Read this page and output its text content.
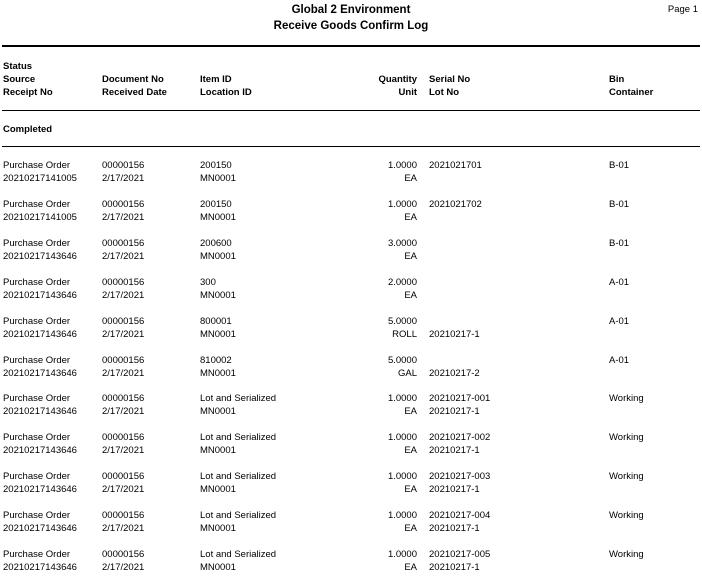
Global 2 Environment
Receive Goods Confirm Log
Page 1
Status
Source
Receipt No
Document No
Received Date
Item ID
Location ID
Quantity
Unit
Serial No
Lot No
Bin
Container
Completed
Purchase Order
20210217141005
00000156
2/17/2021
200150
MN0001
1.0000
EA
2021021701	B-01
Purchase Order
20210217141005
00000156
2/17/2021
200150
MN0001
1.0000
EA
2021021702	B-01
Purchase Order
20210217143646
00000156
2/17/2021
200600
MN0001
3.0000
EA
B-01
Purchase Order
20210217143646
00000156
2/17/2021
300
MN0001
2.0000
EA
A-01
Purchase Order
20210217143646
00000156
2/17/2021
800001
MN0001
5.0000
ROLL 20210217-1
A-01
Purchase Order
20210217143646
00000156
2/17/2021
810002
MN0001
5.0000
GAL 20210217-2
A-01
Purchase Order
20210217143646
00000156
2/17/2021
Lot and Serialized
MN0001
1.0000
EA
20210217-001
20210217-1
Working
Purchase Order
20210217143646
00000156
2/17/2021
Lot and Serialized
MN0001
1.0000
EA
20210217-002
20210217-1
Working
Purchase Order
20210217143646
00000156
2/17/2021
Lot and Serialized
MN0001
1.0000
EA
20210217-003
20210217-1
Working
Purchase Order
20210217143646
00000156
2/17/2021
Lot and Serialized
MN0001
1.0000
EA
20210217-004
20210217-1
Working
Purchase Order
20210217143646
00000156
2/17/2021
Lot and Serialized
MN0001
1.0000
EA
20210217-005
20210217-1
Working
